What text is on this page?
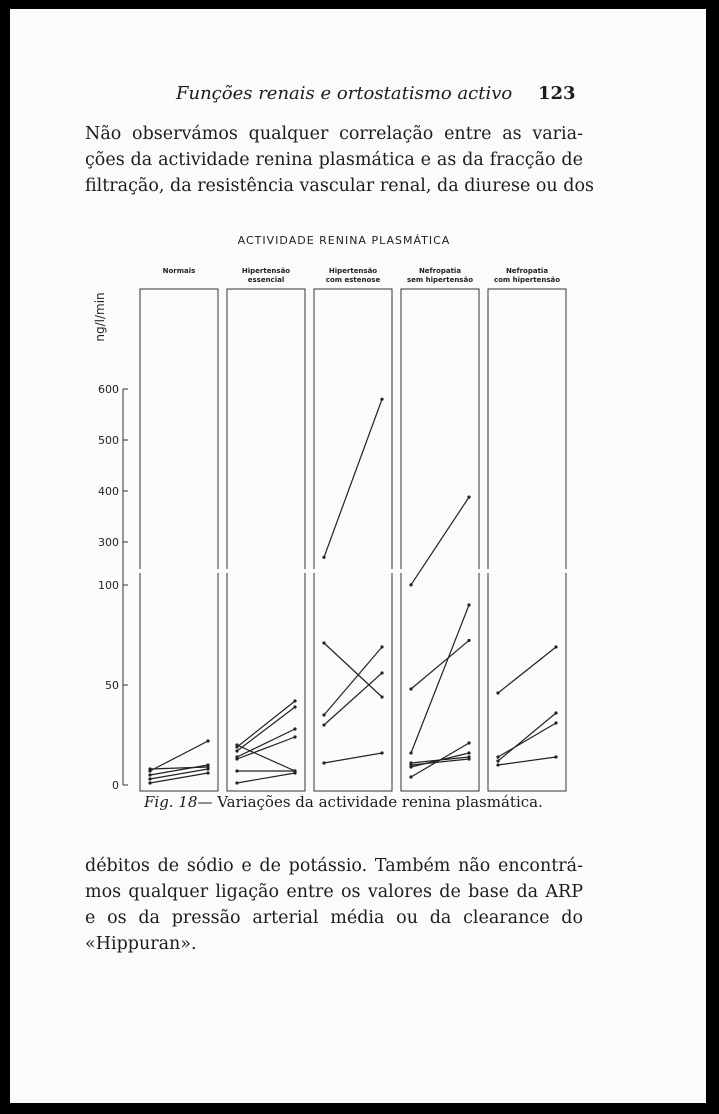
Funções renais e ortostatismo activo 123
Não observámos qualquer correlação entre as varia-
ções da actividade renina plasmática e as da fracção de
filtração, da resistência vascular renal, da diurese ou dos
ACTIVIDADE RENINA PLASMÁTICA
ng/l/min
0
50
100
300
400
500
600
Normais	Hipertensão
essencial
Hipertensão
com estenose
Nefropatia
sem hipertensão
Nefropatia
com hipertensão
Fig. 18— Variações da actividade renina plasmática.
débitos de sódio e de potássio. Também não encontrá-
mos qualquer ligação entre os valores de base da ARP
e os da pressão arterial média ou da clearance do
«Hippuran».
